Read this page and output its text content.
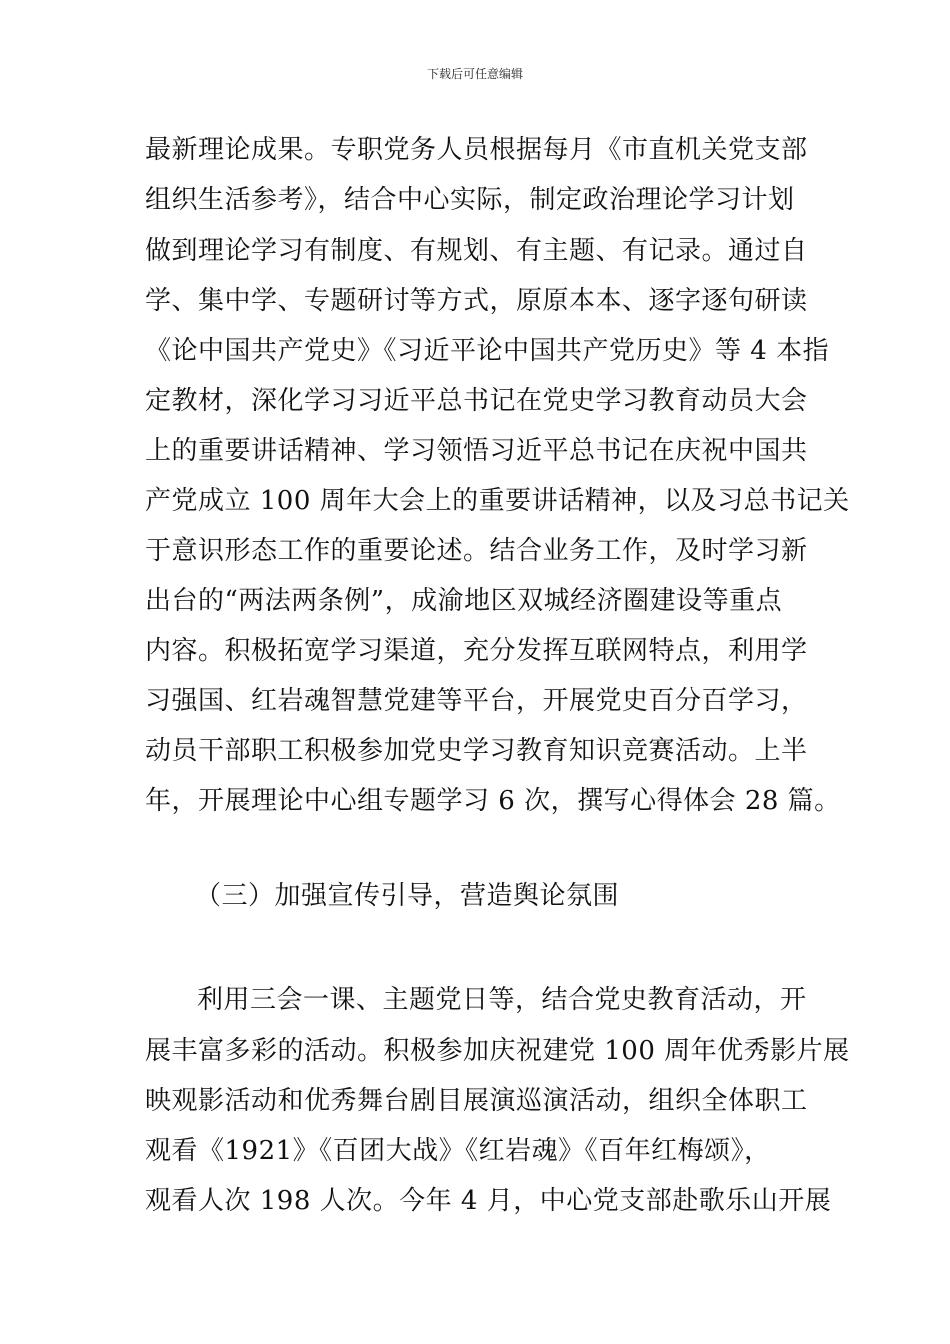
下载后可任意编辑
最新理论成果。专职党务人员根据每月《市直机关党支部
组织生活参考》，结合中心实际，制定政治理论学习计划
做到理论学习有制度、有规划、有主题、有记录。通过自
学、集中学、专题研讨等方式，原原本本、逐字逐句研读
《论中国共产党史》《习近平论中国共产党历史》等 4 本指
定教材，深化学习习近平总书记在党史学习教育动员大会
上的重要讲话精神、学习领悟习近平总书记在庆祝中国共
产党成立 100 周年大会上的重要讲话精神，以及习总书记关
于意识形态工作的重要论述。结合业务工作，及时学习新
出台的“两法两条例”，成渝地区双城经济圈建设等重点
内容。积极拓宽学习渠道，充分发挥互联网特点，利用学
习强国、红岩魂智慧党建等平台，开展党史百分百学习，
动员干部职工积极参加党史学习教育知识竞赛活动。上半
年，开展理论中心组专题学习 6 次，撰写心得体会 28 篇。
（三）加强宣传引导，营造舆论氛围
利用三会一课、主题党日等，结合党史教育活动，开
展丰富多彩的活动。积极参加庆祝建党 100 周年优秀影片展
映观影活动和优秀舞台剧目展演巡演活动，组织全体职工
观看《1921》《百团大战》《红岩魂》《百年红梅颂》，
观看人次 198 人次。今年 4 月，中心党支部赴歌乐山开展
